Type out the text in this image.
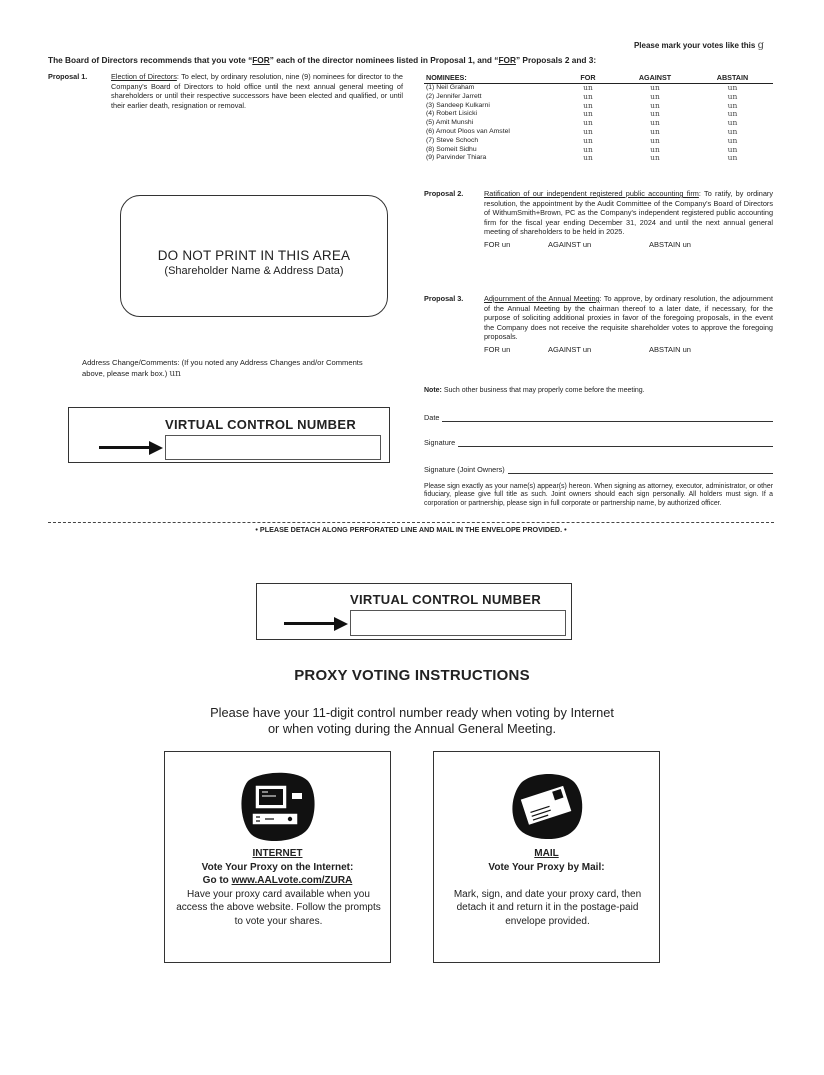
Please mark your votes like this g
The Board of Directors recommends that you vote “FOR” each of the director nominees listed in Proposal 1, and “FOR” Proposals 2 and 3:
Proposal 1.	Election of Directors: To elect, by ordinary resolution, nine (9) nominees for director to the Company's Board of Directors to hold office until the next annual general meeting of shareholders or until their respective successors have been elected and qualified, or until their earlier death, resignation or removal.
NOMINEES:	FOR	AGAINST	ABSTAIN
(1) Neil Graham	un	un	un
(2) Jennifer Jarrett	un	un	un
(3) Sandeep Kulkarni	un	un	un
(4) Robert Lisicki	un	un	un
(5) Amit Munshi	un	un	un
(6) Arnout Ploos van Amstel	un	un	un
(7) Steve Schoch	un	un	un
(8) Someit Sidhu	un	un	un
(9) Parvinder Thiara	un	un	un
DO NOT PRINT IN THIS AREA
(Shareholder Name & Address Data)
Proposal 2.	Ratification of our independent registered public accounting firm: To ratify, by ordinary resolution, the appointment by the Audit Committee of the Company's Board of Directors of WithumSmith+Brown, PC as the Company's independent registered public accounting firm for the fiscal year ending December 31, 2024 and until the next annual general meeting of shareholders to be held in 2025.
FOR un	AGAINST un	ABSTAIN un
Proposal 3.	Adjournment of the Annual Meeting: To approve, by ordinary resolution, the adjournment of the Annual Meeting by the chairman thereof to a later date, if necessary, for the purpose of soliciting additional proxies in favor of the foregoing proposals, in the event the Company does not receive the requisite shareholder votes to approve the foregoing proposals.
FOR un	AGAINST un	ABSTAIN un
Note: Such other business that may properly come before the meeting.
Address Change/Comments: (If you noted any Address Changes and/or Comments above, please mark box.) un
VIRTUAL CONTROL NUMBER	Date
Signature
Signature (Joint Owners)
Please sign exactly as your name(s) appear(s) hereon. When signing as attorney, executor, administrator, or other fiduciary, please give full title as such. Joint owners should each sign personally. All holders must sign. If a corporation or partnership, please sign in full corporate or partnership name, by authorized officer.
• PLEASE DETACH ALONG PERFORATED LINE AND MAIL IN THE ENVELOPE PROVIDED. •
VIRTUAL CONTROL NUMBER
PROXY VOTING INSTRUCTIONS
Please have your 11-digit control number ready when voting by Internet
or when voting during the Annual General Meeting.
INTERNET
Vote Your Proxy on the Internet:
Go to www.AALvote.com/ZURA
Have your proxy card available when you access the above website. Follow the prompts to vote your shares.
MAIL
Vote Your Proxy by Mail:
Mark, sign, and date your proxy card, then detach it and return it in the postage-paid envelope provided.
